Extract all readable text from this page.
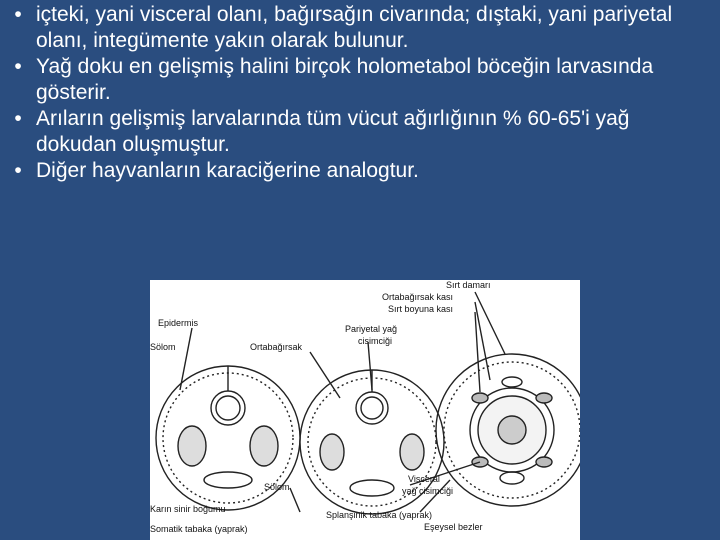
• içteki, yani visceral olanı, bağırsağın civarında; dıştaki, yani pariyetal olanı, integümente yakın olarak bulunur.
• Yağ doku en gelişmiş halini birçok holometabol böceğin larvasında gösterir.
• Arıların gelişmiş larvalarında tüm vücut ağırlığının % 60-65'i yağ dokudan oluşmuştur.
• Diğer hayvanların karaciğerine analogtur.
Epidermis
Sölom	Ortabağırsak
Pariyetal yağ
cisimciği
Sırt damarı
Ortabağırsak kası
Sırt boyuna kası
Sölom
Karın sinir boğumu
Somatik tabaka (yaprak)
Visceral
yağ cisimciği
Splanşinik tabaka (yaprak)
Eşeysel bezler
